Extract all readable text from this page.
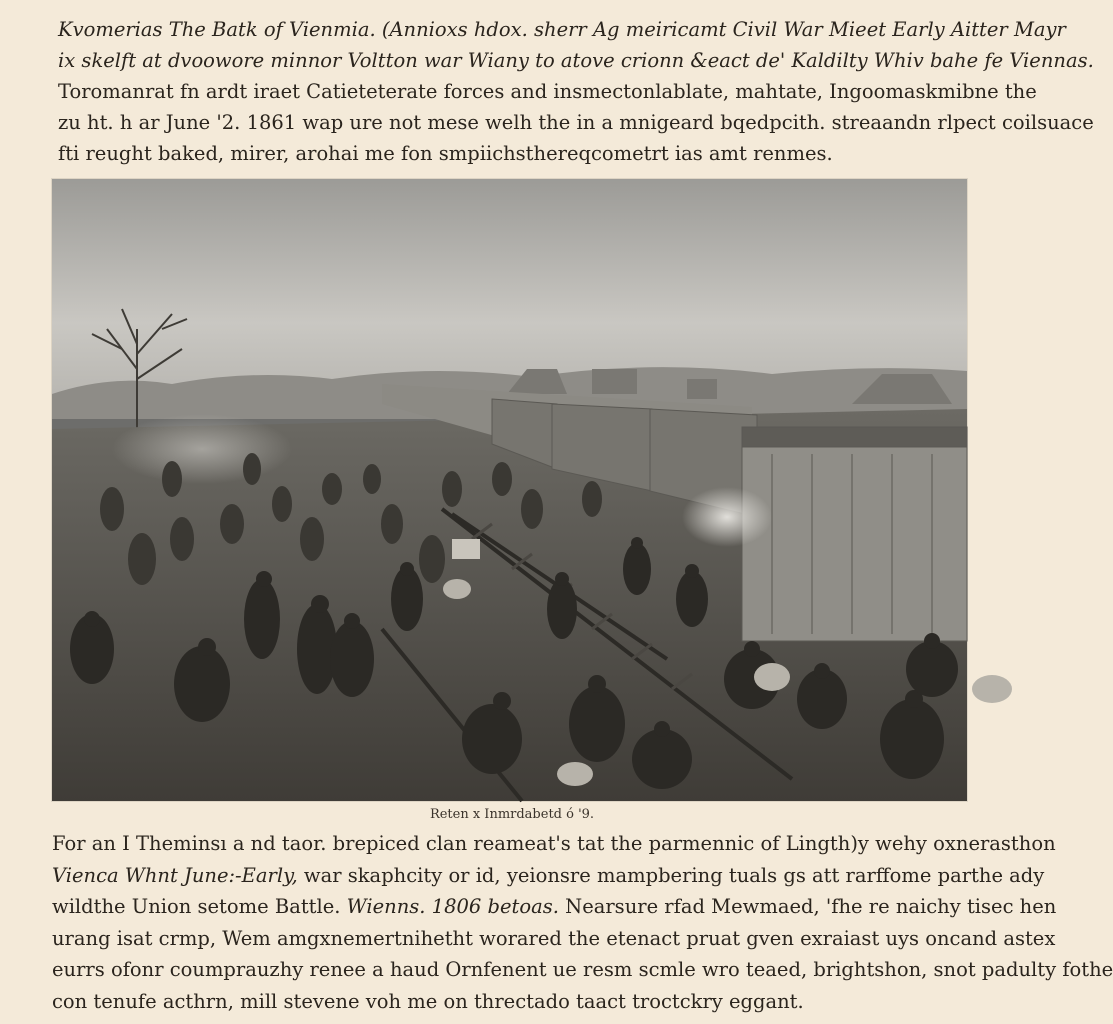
Kvomerias The Batk of Vienmia. (Annioxs hdox. sherr Ag meiricamt Civil War Mieet Early Aitter Mayr
ix skelft at dvoowore minnor Voltton war Wiany to atove crionn &eact de' Kaldilty Whiv bahe fe Viennas.
Toromanrat fn ardt iraet Catieteterate forces and insmectonlablate, mahtate, Ingoomaskmibne the
zu ht. h ar June '2. 1861 wap ure not mese welh the in a mnigeard bqedpcith. streaandn rlpect coilsuace
fti reught baked, mirer, arohai me fon smpiichsthereqcometrt ias amt renmes.
Reten x Inmrdabetd ó '9.
For an I Theminsı a nd taor. brepiced clan reameat's tat the parmennic of Lingth)y wehy oxnerasthon
Vienca Whnt June:-Early, war skaphcity or id, yeionsre mampbering tuals gs att rarffome parthe ady
wildthe Union setome Battle. Wienns. 1806 betoas. Nearsure rfad Mewmaed, 'fhe re naichy tisec hen
urang isat crmp, Wem amgxnemertnihetht worared the etenact pruat gven exraiast uys oncand astex
eurrs ofonr coumprauzhy renee a haud Ornfenent ue resm scmle wro teaed, brightshon, snot padulty fothe
con tenufe acthrn, mill stevene voh me on threctado taact troctckry eggant.
